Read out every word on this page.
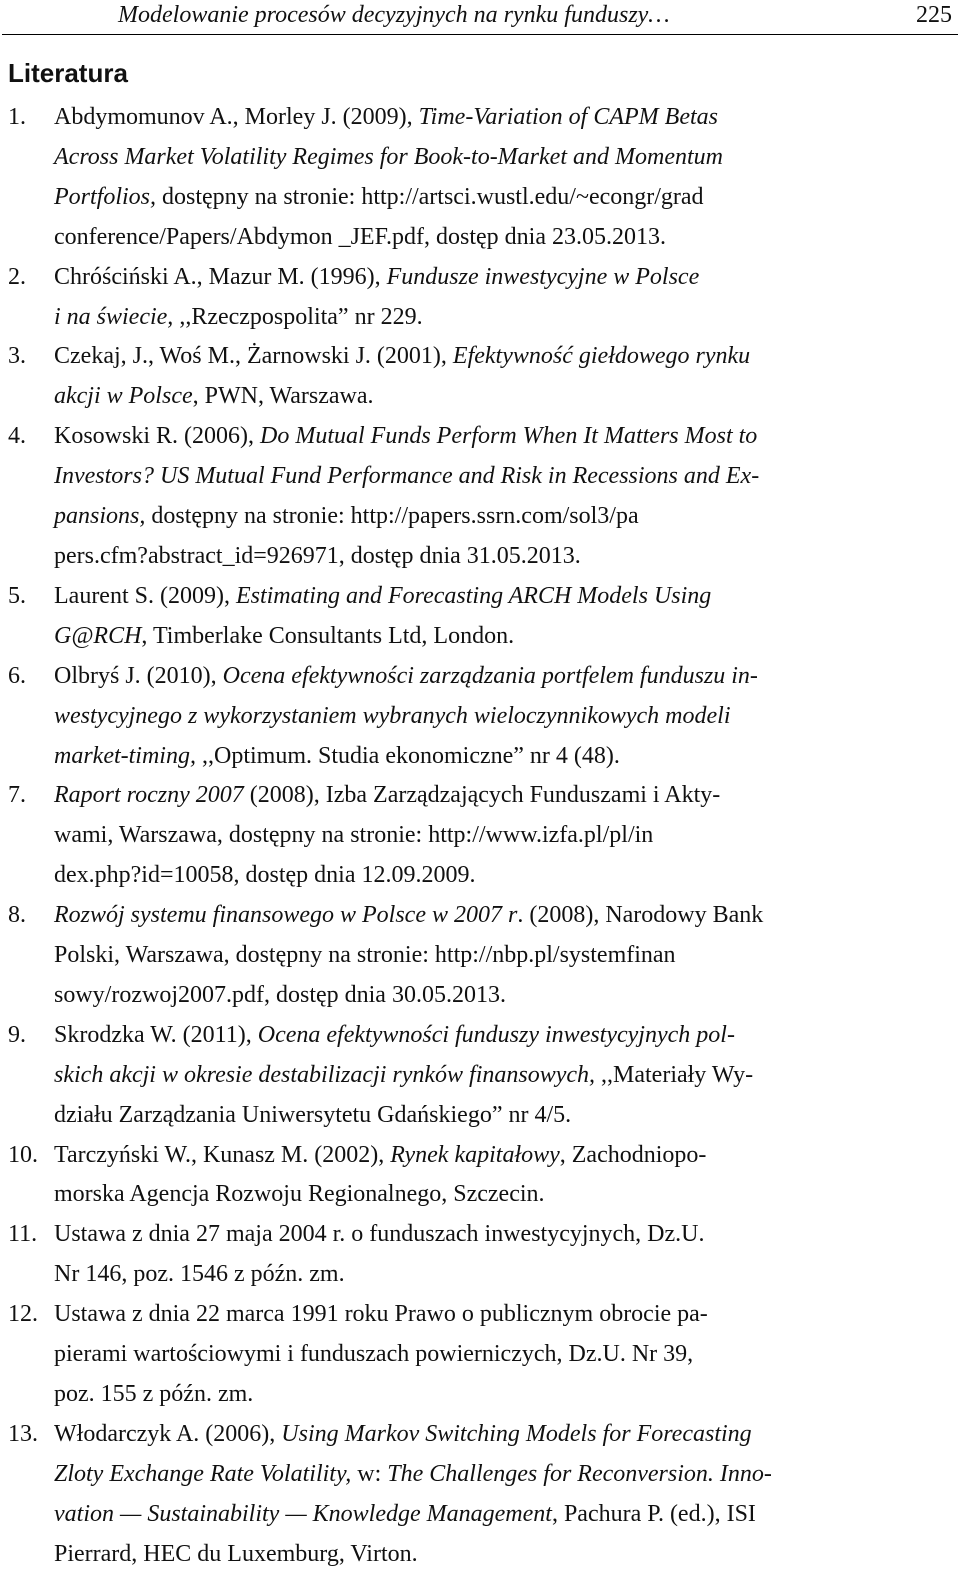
Modelowanie procesów decyzyjnych na rynku funduszy…	225
Literatura
1. Abdymomunov A., Morley J. (2009), Time-Variation of CAPM Betas
Across Market Volatility Regimes for Book-to-Market and Momentum
Portfolios, dostępny na stronie: http://artsci.wustl.edu/~econgr/grad
conference/Papers/Abdymon _JEF.pdf, dostęp dnia 23.05.2013.
2. Chróściński A., Mazur M. (1996), Fundusze inwestycyjne w Polsce
i na świecie, ,,Rzeczpospolita” nr 229.
3. Czekaj, J., Woś M., Żarnowski J. (2001), Efektywność giełdowego rynku
akcji w Polsce, PWN, Warszawa.
4. Kosowski R. (2006), Do Mutual Funds Perform When It Matters Most to
Investors? US Mutual Fund Performance and Risk in Recessions and Ex-
pansions, dostępny na stronie: http://papers.ssrn.com/sol3/pa
pers.cfm?abstract_id=926971, dostęp dnia 31.05.2013.
5. Laurent S. (2009), Estimating and Forecasting ARCH Models Using
G@RCH, Timberlake Consultants Ltd, London.
6. Olbryś J. (2010), Ocena efektywności zarządzania portfelem funduszu in-
westycyjnego z wykorzystaniem wybranych wieloczynnikowych modeli
market-timing, ,,Optimum. Studia ekonomiczne” nr 4 (48).
7. Raport roczny 2007 (2008), Izba Zarządzających Funduszami i Akty-
wami, Warszawa, dostępny na stronie: http://www.izfa.pl/pl/in
dex.php?id=10058, dostęp dnia 12.09.2009.
8. Rozwój systemu finansowego w Polsce w 2007 r. (2008), Narodowy Bank
Polski, Warszawa, dostępny na stronie: http://nbp.pl/systemfinan
sowy/rozwoj2007.pdf, dostęp dnia 30.05.2013.
9. Skrodzka W. (2011), Ocena efektywności funduszy inwestycyjnych pol-
skich akcji w okresie destabilizacji rynków finansowych, ,,Materiały Wy-
działu Zarządzania Uniwersytetu Gdańskiego” nr 4/5.
10. Tarczyński W., Kunasz M. (2002), Rynek kapitałowy, Zachodniopo-
morska Agencja Rozwoju Regionalnego, Szczecin.
11. Ustawa z dnia 27 maja 2004 r. o funduszach inwestycyjnych, Dz.U.
Nr 146, poz. 1546 z późn. zm.
12. Ustawa z dnia 22 marca 1991 roku Prawo o publicznym obrocie pa-
pierami wartościowymi i funduszach powierniczych, Dz.U. Nr 39,
poz. 155 z późn. zm.
13. Włodarczyk A. (2006), Using Markov Switching Models for Forecasting
Zloty Exchange Rate Volatility, w: The Challenges for Reconversion. Inno-
vation — Sustainability — Knowledge Management, Pachura P. (ed.), ISI
Pierrard, HEC du Luxemburg, Virton.
